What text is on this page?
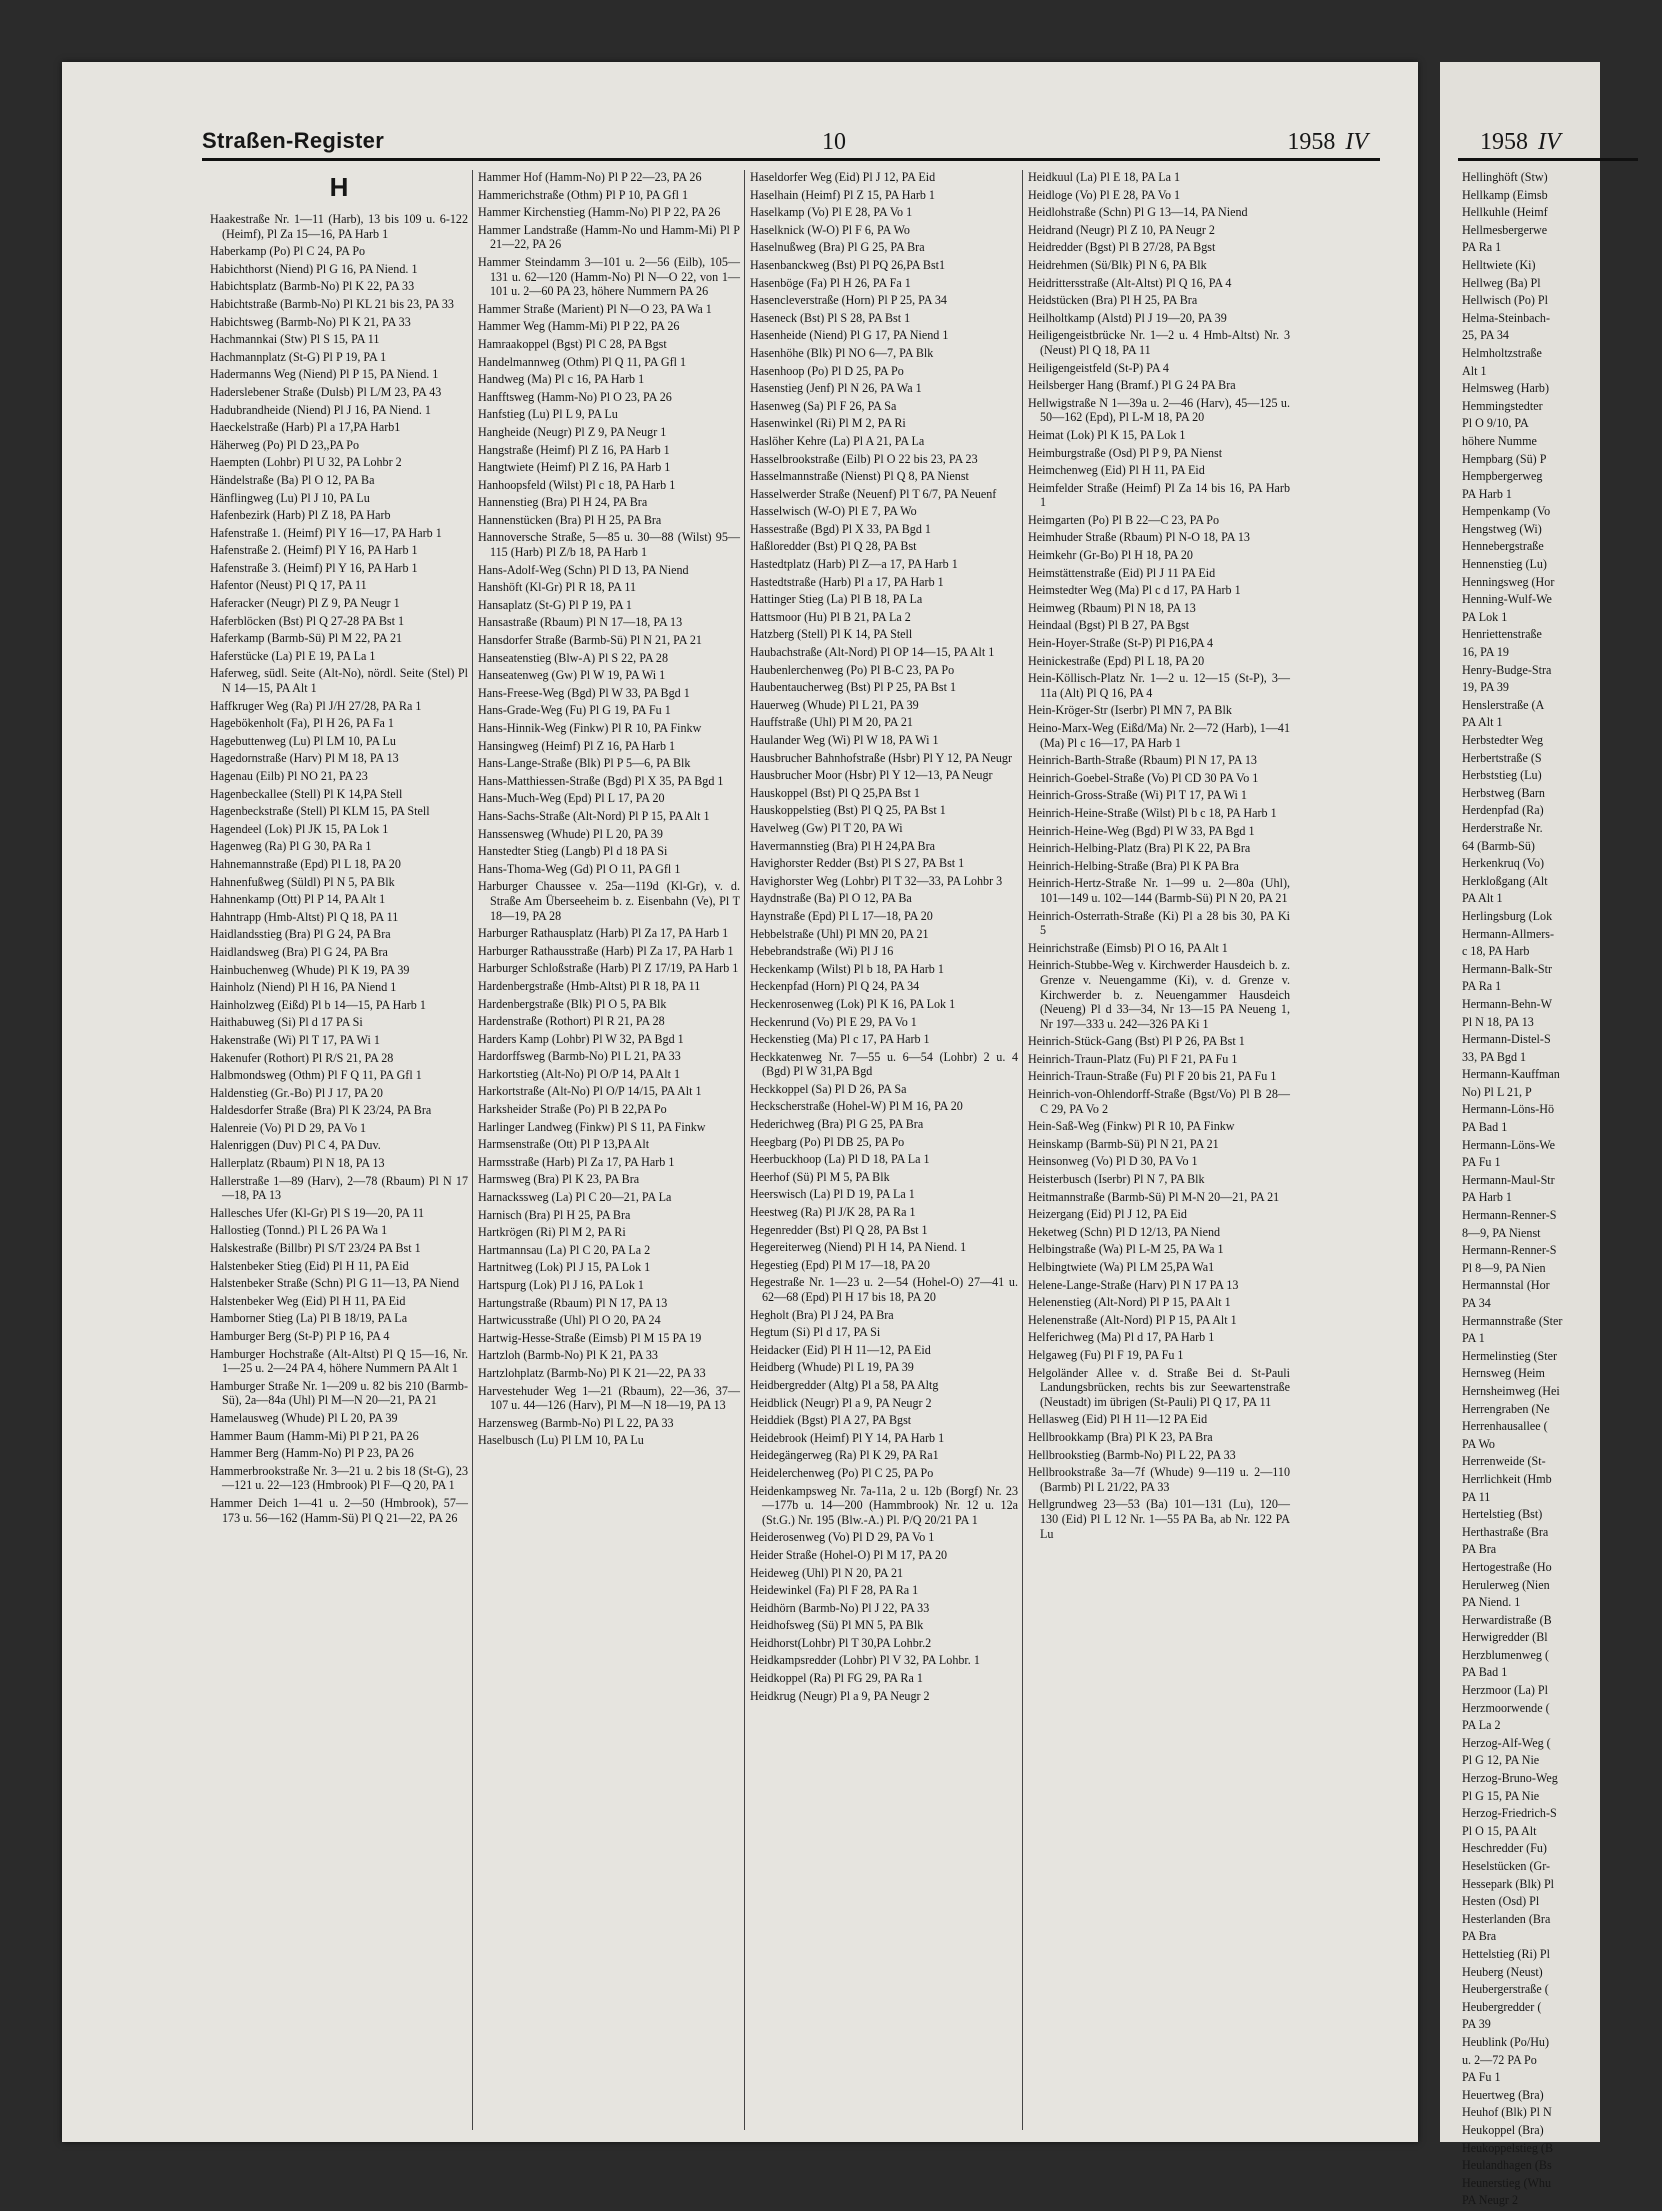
Straßen-Register	10	1958 IV
H
Haakestraße Nr. 1—11 (Harb), 13 bis 109 u. 6-122 (Heimf), Pl Za 15—16, PA Harb 1
Haberkamp (Po) Pl C 24, PA Po
Habichthorst (Niend) Pl G 16, PA Niend. 1
Habichtsplatz (Barmb-No) Pl K 22, PA 33
Habichtstraße (Barmb-No) Pl KL 21 bis 23, PA 33
Habichtsweg (Barmb-No) Pl K 21, PA 33
Hachmannkai (Stw) Pl S 15, PA 11
Hachmannplatz (St-G) Pl P 19, PA 1
Hadermanns Weg (Niend) Pl P 15, PA Niend. 1
Haderslebener Straße (Dulsb) Pl L/M 23, PA 43
Hadubrandheide (Niend) Pl J 16, PA Niend. 1
Haeckelstraße (Harb) Pl a 17,PA Harb1
Häherweg (Po) Pl D 23,,PA Po
Haempten (Lohbr) Pl U 32, PA Lohbr 2
Händelstraße (Ba) Pl O 12, PA Ba
Hänflingweg (Lu) Pl J 10, PA Lu
Hafenbezirk (Harb) Pl Z 18, PA Harb
Hafenstraße 1. (Heimf) Pl Y 16—17, PA Harb 1
Hafenstraße 2. (Heimf) Pl Y 16, PA Harb 1
Hafenstraße 3. (Heimf) Pl Y 16, PA Harb 1
Hafentor (Neust) Pl Q 17, PA 11
Haferacker (Neugr) Pl Z 9, PA Neugr 1
Haferblöcken (Bst) Pl Q 27-28 PA Bst 1
Haferkamp (Barmb-Sü) Pl M 22, PA 21
Haferstücke (La) Pl E 19, PA La 1
Haferweg, südl. Seite (Alt-No), nördl. Seite (Stel) Pl N 14—15, PA Alt 1
Haffkruger Weg (Ra) Pl J/H 27/28, PA Ra 1
Hagebökenholt (Fa), Pl H 26, PA Fa 1
Hagebuttenweg (Lu) Pl LM 10, PA Lu
Hagedornstraße (Harv) Pl M 18, PA 13
Hagenau (Eilb) Pl NO 21, PA 23
Hagenbeckallee (Stell) Pl K 14,PA Stell
Hagenbeckstraße (Stell) Pl KLM 15, PA Stell
Hagendeel (Lok) Pl JK 15, PA Lok 1
Hagenweg (Ra) Pl G 30, PA Ra 1
Hahnemannstraße (Epd) Pl L 18, PA 20
Hahnenfußweg (Süldl) Pl N 5, PA Blk
Hahnenkamp (Ott) Pl P 14, PA Alt 1
Hahntrapp (Hmb-Altst) Pl Q 18, PA 11
Haidlandsstieg (Bra) Pl G 24, PA Bra
Haidlandsweg (Bra) Pl G 24, PA Bra
Hainbuchenweg (Whude) Pl K 19, PA 39
Hainholz (Niend) Pl H 16, PA Niend 1
Hainholzweg (Eißd) Pl b 14—15, PA Harb 1
Haithabuweg (Si) Pl d 17 PA Si
Hakenstraße (Wi) Pl T 17, PA Wi 1
Hakenufer (Rothort) Pl R/S 21, PA 28
Halbmondsweg (Othm) Pl F Q 11, PA Gfl 1
Haldenstieg (Gr.-Bo) Pl J 17, PA 20
Haldesdorfer Straße (Bra) Pl K 23/24, PA Bra
Halenreie (Vo) Pl D 29, PA Vo 1
Halenriggen (Duv) Pl C 4, PA Duv.
Hallerplatz (Rbaum) Pl N 18, PA 13
Hallerstraße 1—89 (Harv), 2—78 (Rbaum) Pl N 17—18, PA 13
Hallesches Ufer (Kl-Gr) Pl S 19—20, PA 11
Hallostieg (Tonnd.) Pl L 26 PA Wa 1
Halskestraße (Billbr) Pl S/T 23/24 PA Bst 1
Halstenbeker Stieg (Eid) Pl H 11, PA Eid
Halstenbeker Straße (Schn) Pl G 11—13, PA Niend
Halstenbeker Weg (Eid) Pl H 11, PA Eid
Hamborner Stieg (La) Pl B 18/19, PA La
Hamburger Berg (St-P) Pl P 16, PA 4
Hamburger Hochstraße (Alt-Altst) Pl Q 15—16, Nr. 1—25 u. 2—24 PA 4, höhere Nummern PA Alt 1
Hamburger Straße Nr. 1—209 u. 82 bis 210 (Barmb-Sü), 2a—84a (Uhl) Pl M—N 20—21, PA 21
Hamelausweg (Whude) Pl L 20, PA 39
Hammer Baum (Hamm-Mi) Pl P 21, PA 26
Hammer Berg (Hamm-No) Pl P 23, PA 26
Hammerbrookstraße Nr. 3—21 u. 2 bis 18 (St-G), 23—121 u. 22—123 (Hmbrook) Pl F—Q 20, PA 1
Hammer Deich 1—41 u. 2—50 (Hmbrook), 57—173 u. 56—162 (Hamm-Sü) Pl Q 21—22, PA 26
Hammer Hof (Hamm-No) Pl P 22—23, PA 26
Hammerichstraße (Othm) Pl P 10, PA Gfl 1
Hammer Kirchenstieg (Hamm-No) Pl P 22, PA 26
Hammer Landstraße (Hamm-No und Hamm-Mi) Pl P 21—22, PA 26
Hammer Steindamm 3—101 u. 2—56 (Eilb), 105—131 u. 62—120 (Hamm-No) Pl N—O 22, von 1—101 u. 2—60 PA 23, höhere Nummern PA 26
Hammer Straße (Marient) Pl N—O 23, PA Wa 1
Hammer Weg (Hamm-Mi) Pl P 22, PA 26
Hamraakoppel (Bgst) Pl C 28, PA Bgst
Handelmannweg (Othm) Pl Q 11, PA Gfl 1
Handweg (Ma) Pl c 16, PA Harb 1
Hanfftsweg (Hamm-No) Pl O 23, PA 26
Hanfstieg (Lu) Pl L 9, PA Lu
Hangheide (Neugr) Pl Z 9, PA Neugr 1
Hangstraße (Heimf) Pl Z 16, PA Harb 1
Hangtwiete (Heimf) Pl Z 16, PA Harb 1
Hanhoopsfeld (Wilst) Pl c 18, PA Harb 1
Hannenstieg (Bra) Pl H 24, PA Bra
Hannenstücken (Bra) Pl H 25, PA Bra
Hannoversche Straße, 5—85 u. 30—88 (Wilst) 95—115 (Harb) Pl Z/b 18, PA Harb 1
Hans-Adolf-Weg (Schn) Pl D 13, PA Niend
Hanshöft (Kl-Gr) Pl R 18, PA 11
Hansaplatz (St-G) Pl P 19, PA 1
Hansastraße (Rbaum) Pl N 17—18, PA 13
Hansdorfer Straße (Barmb-Sü) Pl N 21, PA 21
Hanseatenstieg (Blw-A) Pl S 22, PA 28
Hanseatenweg (Gw) Pl W 19, PA Wi 1
Hans-Freese-Weg (Bgd) Pl W 33, PA Bgd 1
Hans-Grade-Weg (Fu) Pl G 19, PA Fu 1
Hans-Hinnik-Weg (Finkw) Pl R 10, PA Finkw
Hansingweg (Heimf) Pl Z 16, PA Harb 1
Hans-Lange-Straße (Blk) Pl P 5—6, PA Blk
Hans-Matthiessen-Straße (Bgd) Pl X 35, PA Bgd 1
Hans-Much-Weg (Epd) Pl L 17, PA 20
Hans-Sachs-Straße (Alt-Nord) Pl P 15, PA Alt 1
Hanssensweg (Whude) Pl L 20, PA 39
Hanstedter Stieg (Langb) Pl d 18 PA Si
Hans-Thoma-Weg (Gd) Pl O 11, PA Gfl 1
Harburger Chaussee v. 25a—119d (Kl-Gr), v. d. Straße Am Überseeheim b. z. Eisenbahn (Ve), Pl T 18—19, PA 28
Harburger Rathausplatz (Harb) Pl Za 17, PA Harb 1
Harburger Rathausstraße (Harb) Pl Za 17, PA Harb 1
Harburger Schloßstraße (Harb) Pl Z 17/19, PA Harb 1
Hardenbergstraße (Hmb-Altst) Pl R 18, PA 11
Hardenbergstraße (Blk) Pl O 5, PA Blk
Hardenstraße (Rothort) Pl R 21, PA 28
Harders Kamp (Lohbr) Pl W 32, PA Bgd 1
Hardorffsweg (Barmb-No) Pl L 21, PA 33
Harkortstieg (Alt-No) Pl O/P 14, PA Alt 1
Harkortstraße (Alt-No) Pl O/P 14/15, PA Alt 1
Harksheider Straße (Po) Pl B 22,PA Po
Harlinger Landweg (Finkw) Pl S 11, PA Finkw
Harmsenstraße (Ott) Pl P 13,PA Alt
Harmsstraße (Harb) Pl Za 17, PA Harb 1
Harmsweg (Bra) Pl K 23, PA Bra
Harnackssweg (La) Pl C 20—21, PA La
Harnisch (Bra) Pl H 25, PA Bra
Hartkrögen (Ri) Pl M 2, PA Ri
Hartmannsau (La) Pl C 20, PA La 2
Hartnitweg (Lok) Pl J 15, PA Lok 1
Hartspurg (Lok) Pl J 16, PA Lok 1
Hartungstraße (Rbaum) Pl N 17, PA 13
Hartwicusstraße (Uhl) Pl O 20, PA 24
Hartwig-Hesse-Straße (Eimsb) Pl M 15 PA 19
Hartzloh (Barmb-No) Pl K 21, PA 33
Hartzlohplatz (Barmb-No) Pl K 21—22, PA 33
Harvestehuder Weg 1—21 (Rbaum), 22—36, 37—107 u. 44—126 (Harv), Pl M—N 18—19, PA 13
Harzensweg (Barmb-No) Pl L 22, PA 33
Haselbusch (Lu) Pl LM 10, PA Lu
Haseldorfer Weg (Eid) Pl J 12, PA Eid
Haselhain (Heimf) Pl Z 15, PA Harb 1
Haselkamp (Vo) Pl E 28, PA Vo 1
Haselknick (W-O) Pl F 6, PA Wo
Haselnußweg (Bra) Pl G 25, PA Bra
Hasenbanckweg (Bst) Pl PQ 26,PA Bst1
Hasenböge (Fa) Pl H 26, PA Fa 1
Hasencleverstraße (Horn) Pl P 25, PA 34
Haseneck (Bst) Pl S 28, PA Bst 1
Hasenheide (Niend) Pl G 17, PA Niend 1
Hasenhöhe (Blk) Pl NO 6—7, PA Blk
Hasenhoop (Po) Pl D 25, PA Po
Hasenstieg (Jenf) Pl N 26, PA Wa 1
Hasenweg (Sa) Pl F 26, PA Sa
Hasenwinkel (Ri) Pl M 2, PA Ri
Haslöher Kehre (La) Pl A 21, PA La
Hasselbrookstraße (Eilb) Pl O 22 bis 23, PA 23
Hasselmannstraße (Nienst) Pl Q 8, PA Nienst
Hasselwerder Straße (Neuenf) Pl T 6/7, PA Neuenf
Hasselwisch (W-O) Pl E 7, PA Wo
Hassestraße (Bgd) Pl X 33, PA Bgd 1
Haßloredder (Bst) Pl Q 28, PA Bst
Hastedtplatz (Harb) Pl Z—a 17, PA Harb 1
Hastedtstraße (Harb) Pl a 17, PA Harb 1
Hattinger Stieg (La) Pl B 18, PA La
Hattsmoor (Hu) Pl B 21, PA La 2
Hatzberg (Stell) Pl K 14, PA Stell
Haubachstraße (Alt-Nord) Pl OP 14—15, PA Alt 1
Haubenlerchenweg (Po) Pl B-C 23, PA Po
Haubentaucherweg (Bst) Pl P 25, PA Bst 1
Hauerweg (Whude) Pl L 21, PA 39
Hauffstraße (Uhl) Pl M 20, PA 21
Haulander Weg (Wi) Pl W 18, PA Wi 1
Hausbrucher Bahnhofstraße (Hsbr) Pl Y 12, PA Neugr
Hausbrucher Moor (Hsbr) Pl Y 12—13, PA Neugr
Hauskoppel (Bst) Pl Q 25,PA Bst 1
Hauskoppelstieg (Bst) Pl Q 25, PA Bst 1
Havelweg (Gw) Pl T 20, PA Wi
Havermannstieg (Bra) Pl H 24,PA Bra
Havighorster Redder (Bst) Pl S 27, PA Bst 1
Havighorster Weg (Lohbr) Pl T 32—33, PA Lohbr 3
Haydnstraße (Ba) Pl O 12, PA Ba
Haynstraße (Epd) Pl L 17—18, PA 20
Hebbelstraße (Uhl) Pl MN 20, PA 21
Hebebrandstraße (Wi) Pl J 16
Heckenkamp (Wilst) Pl b 18, PA Harb 1
Heckenpfad (Horn) Pl Q 24, PA 34
Heckenrosenweg (Lok) Pl K 16, PA Lok 1
Heckenrund (Vo) Pl E 29, PA Vo 1
Heckenstieg (Ma) Pl c 17, PA Harb 1
Heckkatenweg Nr. 7—55 u. 6—54 (Lohbr) 2 u. 4 (Bgd) Pl W 31,PA Bgd
Heckkoppel (Sa) Pl D 26, PA Sa
Heckscherstraße (Hohel-W) Pl M 16, PA 20
Hederichweg (Bra) Pl G 25, PA Bra
Heegbarg (Po) Pl DB 25, PA Po
Heerbuckhoop (La) Pl D 18, PA La 1
Heerhof (Sü) Pl M 5, PA Blk
Heerswisch (La) Pl D 19, PA La 1
Heestweg (Ra) Pl J/K 28, PA Ra 1
Hegenredder (Bst) Pl Q 28, PA Bst 1
Hegereiterweg (Niend) Pl H 14, PA Niend. 1
Hegestieg (Epd) Pl M 17—18, PA 20
Hegestraße Nr. 1—23 u. 2—54 (Hohel-O) 27—41 u. 62—68 (Epd) Pl H 17 bis 18, PA 20
Hegholt (Bra) Pl J 24, PA Bra
Hegtum (Si) Pl d 17, PA Si
Heidacker (Eid) Pl H 11—12, PA Eid
Heidberg (Whude) Pl L 19, PA 39
Heidbergredder (Altg) Pl a 58, PA Altg
Heidblick (Neugr) Pl a 9, PA Neugr 2
Heiddiek (Bgst) Pl A 27, PA Bgst
Heidebrook (Heimf) Pl Y 14, PA Harb 1
Heidegängerweg (Ra) Pl K 29, PA Ra1
Heidelerchenweg (Po) Pl C 25, PA Po
Heidenkampsweg Nr. 7a-11a, 2 u. 12b (Borgf) Nr. 23—177b u. 14—200 (Hammbrook) Nr. 12 u. 12a (St.G.) Nr. 195 (Blw.-A.) Pl. P/Q 20/21 PA 1
Heiderosenweg (Vo) Pl D 29, PA Vo 1
Heider Straße (Hohel-O) Pl M 17, PA 20
Heideweg (Uhl) Pl N 20, PA 21
Heidewinkel (Fa) Pl F 28, PA Ra 1
Heidhörn (Barmb-No) Pl J 22, PA 33
Heidhofsweg (Sü) Pl MN 5, PA Blk
Heidhorst(Lohbr) Pl T 30,PA Lohbr.2
Heidkampsredder (Lohbr) Pl V 32, PA Lohbr. 1
Heidkoppel (Ra) Pl FG 29, PA Ra 1
Heidkrug (Neugr) Pl a 9, PA Neugr 2
Heidkuul (La) Pl E 18, PA La 1
Heidloge (Vo) Pl E 28, PA Vo 1
Heidlohstraße (Schn) Pl G 13—14, PA Niend
Heidrand (Neugr) Pl Z 10, PA Neugr 2
Heidredder (Bgst) Pl B 27/28, PA Bgst
Heidrehmen (Sü/Blk) Pl N 6, PA Blk
Heidrittersstraße (Alt-Altst) Pl Q 16, PA 4
Heidstücken (Bra) Pl H 25, PA Bra
Heilholtkamp (Alstd) Pl J 19—20, PA 39
Heiligengeistbrücke Nr. 1—2 u. 4 Hmb-Altst) Nr. 3 (Neust) Pl Q 18, PA 11
Heiligengeistfeld (St-P) PA 4
Heilsberger Hang (Bramf.) Pl G 24 PA Bra
Hellwigstraße N 1—39a u. 2—46 (Harv), 45—125 u. 50—162 (Epd), Pl L-M 18, PA 20
Heimat (Lok) Pl K 15, PA Lok 1
Heimburgstraße (Osd) Pl P 9, PA Nienst
Heimchenweg (Eid) Pl H 11, PA Eid
Heimfelder Straße (Heimf) Pl Za 14 bis 16, PA Harb 1
Heimgarten (Po) Pl B 22—C 23, PA Po
Heimhuder Straße (Rbaum) Pl N-O 18, PA 13
Heimkehr (Gr-Bo) Pl H 18, PA 20
Heimstättenstraße (Eid) Pl J 11 PA Eid
Heimstedter Weg (Ma) Pl c d 17, PA Harb 1
Heimweg (Rbaum) Pl N 18, PA 13
Heindaal (Bgst) Pl B 27, PA Bgst
Hein-Hoyer-Straße (St-P) Pl P16,PA 4
Heinickestraße (Epd) Pl L 18, PA 20
Hein-Köllisch-Platz Nr. 1—2 u. 12—15 (St-P), 3—11a (Alt) Pl Q 16, PA 4
Hein-Kröger-Str (Iserbr) Pl MN 7, PA Blk
Heino-Marx-Weg (Eißd/Ma) Nr. 2—72 (Harb), 1—41 (Ma) Pl c 16—17, PA Harb 1
Heinrich-Barth-Straße (Rbaum) Pl N 17, PA 13
Heinrich-Goebel-Straße (Vo) Pl CD 30 PA Vo 1
Heinrich-Gross-Straße (Wi) Pl T 17, PA Wi 1
Heinrich-Heine-Straße (Wilst) Pl b c 18, PA Harb 1
Heinrich-Heine-Weg (Bgd) Pl W 33, PA Bgd 1
Heinrich-Helbing-Platz (Bra) Pl K 22, PA Bra
Heinrich-Helbing-Straße (Bra) Pl K PA Bra
Heinrich-Hertz-Straße Nr. 1—99 u. 2—80a (Uhl), 101—149 u. 102—144 (Barmb-Sü) Pl N 20, PA 21
Heinrich-Osterrath-Straße (Ki) Pl a 28 bis 30, PA Ki 5
Heinrichstraße (Eimsb) Pl O 16, PA Alt 1
Heinrich-Stubbe-Weg v. Kirchwerder Hausdeich b. z. Grenze v. Neuengamme (Ki), v. d. Grenze v. Kirchwerder b. z. Neuengammer Hausdeich (Neueng) Pl d 33—34, Nr 13—15 PA Neueng 1, Nr 197—333 u. 242—326 PA Ki 1
Heinrich-Stück-Gang (Bst) Pl P 26, PA Bst 1
Heinrich-Traun-Platz (Fu) Pl F 21, PA Fu 1
Heinrich-Traun-Straße (Fu) Pl F 20 bis 21, PA Fu 1
Heinrich-von-Ohlendorff-Straße (Bgst/Vo) Pl B 28—C 29, PA Vo 2
Hein-Saß-Weg (Finkw) Pl R 10, PA Finkw
Heinskamp (Barmb-Sü) Pl N 21, PA 21
Heinsonweg (Vo) Pl D 30, PA Vo 1
Heisterbusch (Iserbr) Pl N 7, PA Blk
Heitmannstraße (Barmb-Sü) Pl M-N 20—21, PA 21
Heizergang (Eid) Pl J 12, PA Eid
Heketweg (Schn) Pl D 12/13, PA Niend
Helbingstraße (Wa) Pl L-M 25, PA Wa 1
Helbingtwiete (Wa) Pl LM 25,PA Wa1
Helene-Lange-Straße (Harv) Pl N 17 PA 13
Helenenstieg (Alt-Nord) Pl P 15, PA Alt 1
Helenenstraße (Alt-Nord) Pl P 15, PA Alt 1
Helferichweg (Ma) Pl d 17, PA Harb 1
Helgaweg (Fu) Pl F 19, PA Fu 1
Helgoländer Allee v. d. Straße Bei d. St-Pauli Landungsbrücken, rechts bis zur Seewartenstraße (Neustadt) im übrigen (St-Pauli) Pl Q 17, PA 11
Hellasweg (Eid) Pl H 11—12 PA Eid
Hellbrookkamp (Bra) Pl K 23, PA Bra
Hellbrookstieg (Barmb-No) Pl L 22, PA 33
Hellbrookstraße 3a—7f (Whude) 9—119 u. 2—110 (Barmb) Pl L 21/22, PA 33
Hellgrundweg 23—53 (Ba) 101—131 (Lu), 120—130 (Eid) Pl L 12 Nr. 1—55 PA Ba, ab Nr. 122 PA Lu
1958 IV
Hellinghöft (Stw)
Hellkamp (Eimsb
Hellkuhle (Heimf
Hellmesbergerwe
PA Ra 1
Helltwiete (Ki)
Hellweg (Ba) Pl
Hellwisch (Po) Pl
Helma-Steinbach-
25, PA 34
Helmholtzstraße
Alt 1
Helmsweg (Harb)
Hemmingstedter
Pl O 9/10, PA
höhere Numme
Hempbarg (Sü) P
Hempbergerweg
PA Harb 1
Hempenkamp (Vo
Hengstweg (Wi)
Hennebergstraße
Hennenstieg (Lu)
Henningsweg (Hor
Henning-Wulf-We
PA Lok 1
Henriettenstraße
16, PA 19
Henry-Budge-Stra
19, PA 39
Henslerstraße (A
PA Alt 1
Herbstedter Weg
Herbertstraße (S
Herbststieg (Lu)
Herbstweg (Barn
Herdenpfad (Ra)
Herderstraße Nr.
64 (Barmb-Sü)
Herkenkruq (Vo)
Herkloßgang (Alt
PA Alt 1
Herlingsburg (Lok
Hermann-Allmers-
c 18, PA Harb
Hermann-Balk-Str
PA Ra 1
Hermann-Behn-W
Pl N 18, PA 13
Hermann-Distel-S
33, PA Bgd 1
Hermann-Kauffman
No) Pl L 21, P
Hermann-Löns-Hö
PA Bad 1
Hermann-Löns-We
PA Fu 1
Hermann-Maul-Str
PA Harb 1
Hermann-Renner-S
8—9, PA Nienst
Hermann-Renner-S
Pl 8—9, PA Nien
Hermannstal (Hor
PA 34
Hermannstraße (Ster
PA 1
Hermelinstieg (Ster
Hernsweg (Heim
Hernsheimweg (Hei
Herrengraben (Ne
Herrenhausallee (
PA Wo
Herrenweide (St-
Herrlichkeit (Hmb
PA 11
Hertelstieg (Bst)
Herthastraße (Bra
PA Bra
Hertogestraße (Ho
Herulerweg (Nien
PA Niend. 1
Herwardistraße (B
Herwigredder (Bl
Herzblumenweg (
PA Bad 1
Herzmoor (La) Pl
Herzmoorwende (
PA La 2
Herzog-Alf-Weg (
Pl G 12, PA Nie
Herzog-Bruno-Weg
Pl G 15, PA Nie
Herzog-Friedrich-S
Pl O 15, PA Alt
Heschredder (Fu)
Heselstücken (Gr-
Hessepark (Blk) Pl
Hesten (Osd) Pl
Hesterlanden (Bra
PA Bra
Hettelstieg (Ri) Pl
Heuberg (Neust)
Heubergerstraße (
Heubergredder (
PA 39
Heublink (Po/Hu)
u. 2—72 PA Po
PA Fu 1
Heuertweg (Bra)
Heuhof (Blk) Pl N
Heukoppel (Bra)
Heukoppelstieg (B
Heulandhagen (Bs
Heunerstieg (Whu
PA Neugr 2
